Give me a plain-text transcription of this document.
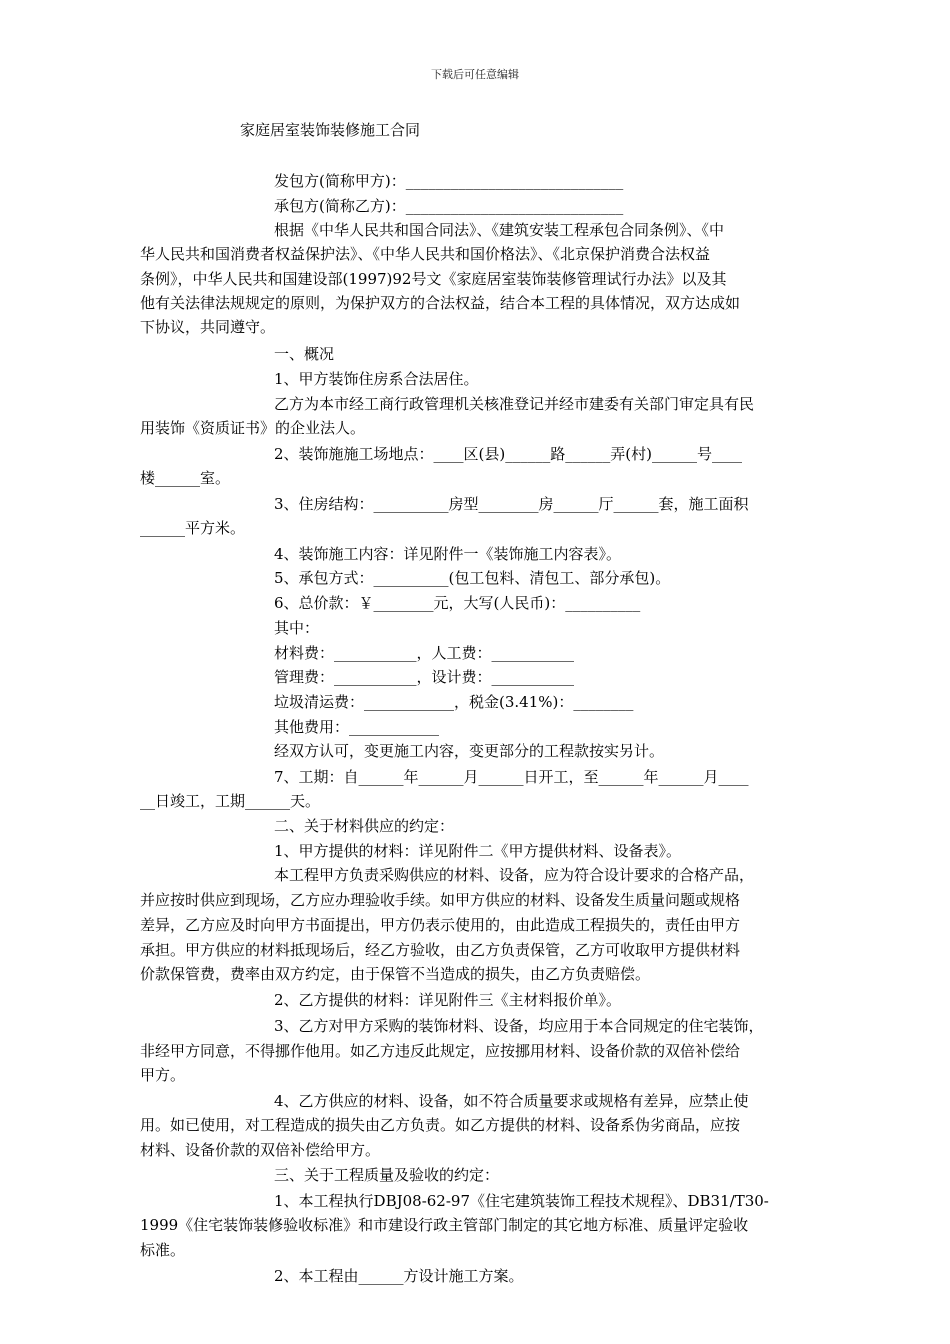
下载后可任意编辑
家庭居室装饰装修施工合同
发包方(简称甲方)：_____________________________
承包方(简称乙方)：_____________________________
根据《中华人民共和国合同法》、《建筑安装工程承包合同条例》、《中
华人民共和国消费者权益保护法》、《中华人民共和国价格法》、《北京保护消费合法权益
条例》，中华人民共和国建设部(1997)92号文《家庭居室装饰装修管理试行办法》以及其
他有关法律法规规定的原则，为保护双方的合法权益，结合本工程的具体情况，双方达成如
下协议，共同遵守。
一、概况
1、甲方装饰住房系合法居住。
乙方为本市经工商行政管理机关核准登记并经市建委有关部门审定具有民
用装饰《资质证书》的企业法人。
2、装饰施施工场地点：____区(县)______路______弄(村)______号____
楼______室。
3、住房结构：__________房型________房______厅______套，施工面积
______平方米。
4、装饰施工内容：详见附件一《装饰施工内容表》。
5、承包方式：__________(包工包料、清包工、部分承包)。
6、总价款：￥________元，大写(人民币)：__________
其中：
材料费：___________，人工费：___________
管理费：___________，设计费：___________
垃圾清运费：____________，税金(3.41%)：________
其他费用：____________
经双方认可，变更施工内容，变更部分的工程款按实另计。
7、工期：自______年______月______日开工，至______年______月____
__日竣工，工期______天。
二、关于材料供应的约定：
1、甲方提供的材料：详见附件二《甲方提供材料、设备表》。
本工程甲方负责采购供应的材料、设备，应为符合设计要求的合格产品，
并应按时供应到现场，乙方应办理验收手续。如甲方供应的材料、设备发生质量问题或规格
差异，乙方应及时向甲方书面提出，甲方仍表示使用的，由此造成工程损失的，责任由甲方
承担。甲方供应的材料抵现场后，经乙方验收，由乙方负责保管，乙方可收取甲方提供材料
价款保管费，费率由双方约定，由于保管不当造成的损失，由乙方负责赔偿。
2、乙方提供的材料：详见附件三《主材料报价单》。
3、乙方对甲方采购的装饰材料、设备，均应用于本合同规定的住宅装饰，
非经甲方同意，不得挪作他用。如乙方违反此规定，应按挪用材料、设备价款的双倍补偿给
甲方。
4、乙方供应的材料、设备，如不符合质量要求或规格有差异，应禁止使
用。如已使用，对工程造成的损失由乙方负责。如乙方提供的材料、设备系伪劣商品，应按
材料、设备价款的双倍补偿给甲方。
三、关于工程质量及验收的约定：
1、本工程执行DBJ08-62-97《住宅建筑装饰工程技术规程》、DB31/T30-
1999《住宅装饰装修验收标准》和市建设行政主管部门制定的其它地方标准、质量评定验收
标准。
2、本工程由______方设计施工方案。
